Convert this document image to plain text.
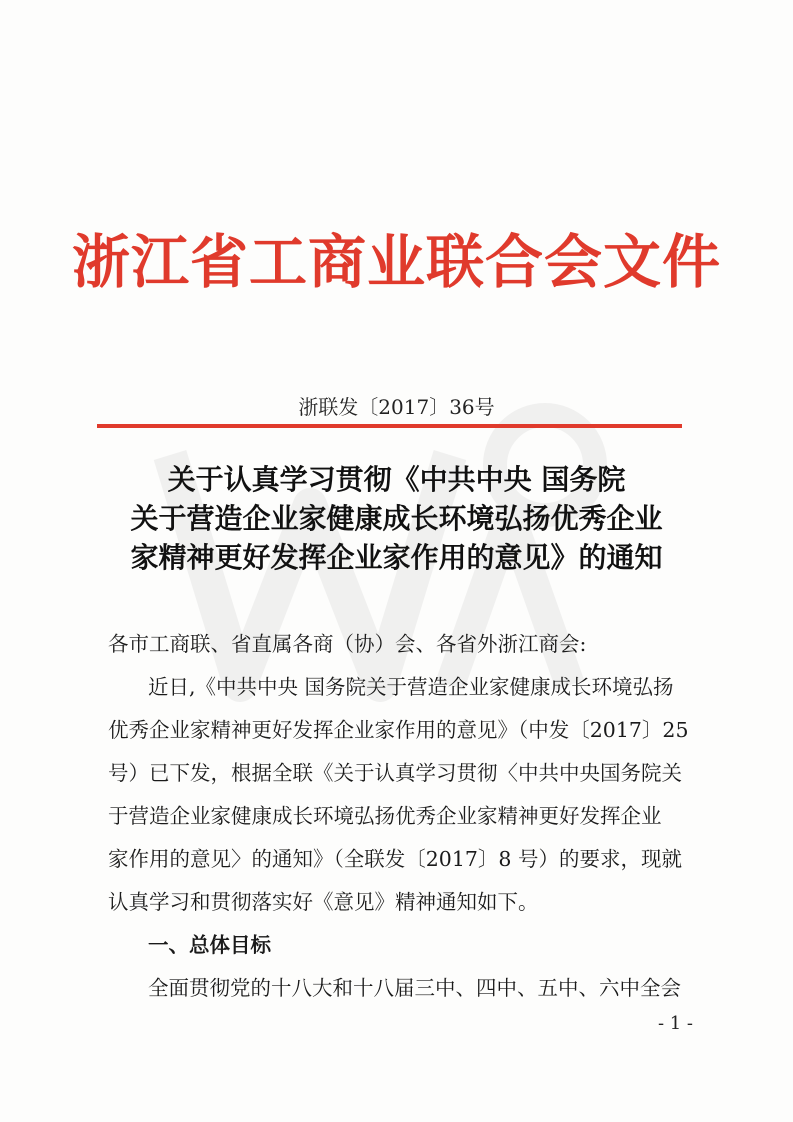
浙江省工商业联合会文件
浙联发〔2017〕36号
关于认真学习贯彻《中共中央 国务院
关于营造企业家健康成长环境弘扬优秀企业
家精神更好发挥企业家作用的意见》的通知
各市工商联、省直属各商（协）会、各省外浙江商会:
近日,《中共中央 国务院关于营造企业家健康成长环境弘扬
优秀企业家精神更好发挥企业家作用的意见》（中发〔2017〕25
号）已下发，根据全联《关于认真学习贯彻〈中共中央国务院关
于营造企业家健康成长环境弘扬优秀企业家精神更好发挥企业
家作用的意见〉的通知》（全联发〔2017〕8 号）的要求，现就
认真学习和贯彻落实好《意见》精神通知如下。
一、总体目标
全面贯彻党的十八大和十八届三中、四中、五中、六中全会
- 1 -
